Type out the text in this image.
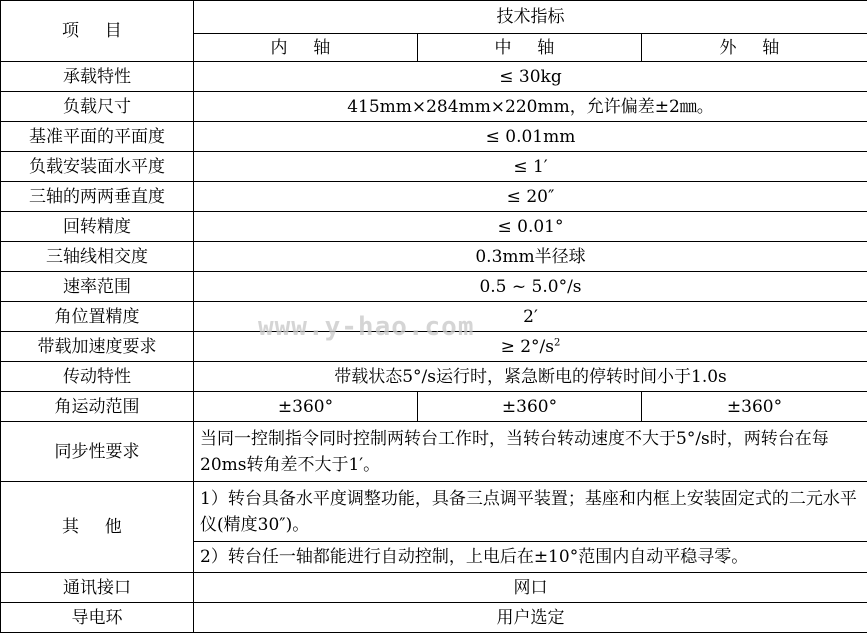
项 目	技术指标		
	内 轴	中 轴	外 轴
承载特性	≤ 30kg		
负载尺寸	415mm×284mm×220mm，允许偏差±2㎜。		
基准平面的平面度	≤ 0.01mm		
负载安装面水平度	≤ 1′		
三轴的两两垂直度	≤ 20″		
回转精度	≤ 0.01°		
三轴线相交度	0.3mm半径球		
速率范围	0.5 ~ 5.0°/s		
角位置精度	2′		
带载加速度要求	≥ $2^\circ/s^2$
传动特性	带载状态5°/s运行时，紧急断电的停转时间小于1.0s		
角运动范围	±360°	±360°	±360°
同步性要求	当同一控制指令同时控制两转台工作时，当转台转动速度不大于5°/s时，两转台在每20ms转角差不大于1′。		
其 他	1）转台具备水平度调整功能，具备三点调平装置；基座和内框上安装固定式的二元水平仪(精度30″)。		
	2）转台任一轴都能进行自动控制，上电后在±10°范围内自动平稳寻零。		
通讯接口	网口		
导电环	用户选定		
www.y-hao.com
